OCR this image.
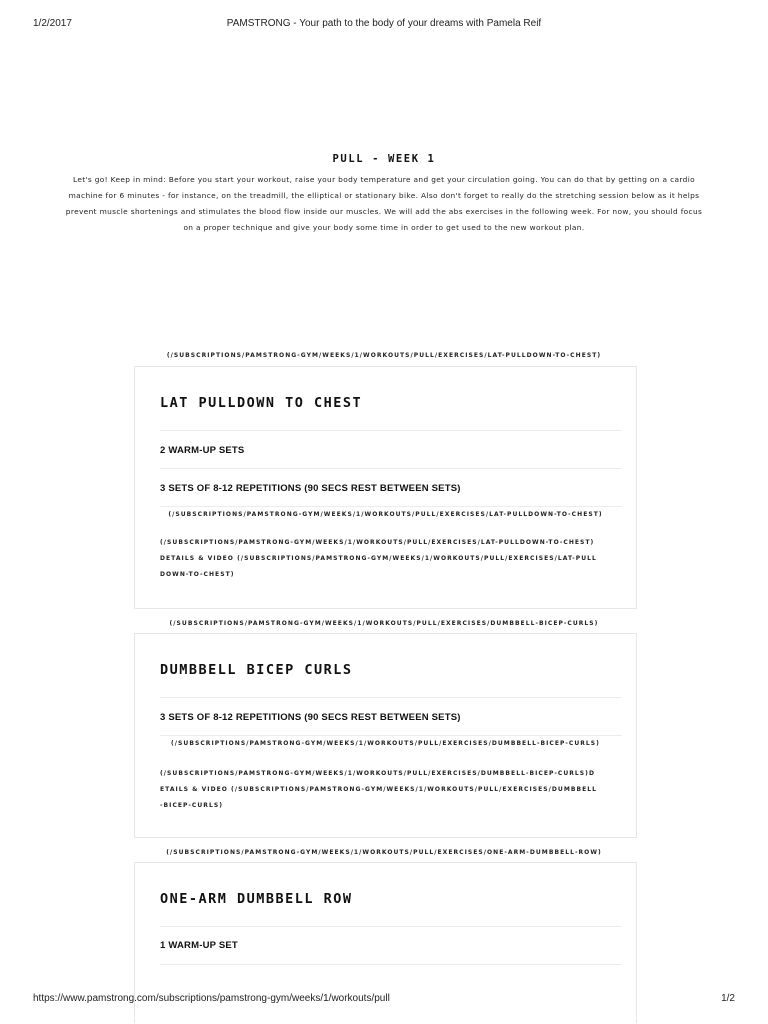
1/2/2017	PAMSTRONG - Your path to the body of your dreams with Pamela Reif
PULL - WEEK 1
Let's go! Keep in mind: Before you start your workout, raise your body temperature and get your circulation going. You can do that by getting on a cardio machine for 6 minutes - for instance, on the treadmill, the elliptical or stationary bike. Also don't forget to really do the stretching session below as it helps prevent muscle shortenings and stimulates the blood flow inside our muscles. We will add the abs exercises in the following week. For now, you should focus on a proper technique and give your body some time in order to get used to the new workout plan.
(/SUBSCRIPTIONS/PAMSTRONG-GYM/WEEKS/1/WORKOUTS/PULL/EXERCISES/LAT-PULLDOWN-TO-CHEST)
LAT PULLDOWN TO CHEST
2 WARM-UP SETS
3 SETS OF 8-12 REPETITIONS (90 SECS REST BETWEEN SETS)
(/SUBSCRIPTIONS/PAMSTRONG-GYM/WEEKS/1/WORKOUTS/PULL/EXERCISES/LAT-PULLDOWN-TO-CHEST)
(/SUBSCRIPTIONS/PAMSTRONG-GYM/WEEKS/1/WORKOUTS/PULL/EXERCISES/LAT-PULLDOWN-TO-CHEST)DETAILS & VIDEO (/SUBSCRIPTIONS/PAMSTRONG-GYM/WEEKS/1/WORKOUTS/PULL/EXERCISES/LAT-PULLDOWN-TO-CHEST)
(/SUBSCRIPTIONS/PAMSTRONG-GYM/WEEKS/1/WORKOUTS/PULL/EXERCISES/DUMBBELL-BICEP-CURLS)
DUMBBELL BICEP CURLS
3 SETS OF 8-12 REPETITIONS (90 SECS REST BETWEEN SETS)
(/SUBSCRIPTIONS/PAMSTRONG-GYM/WEEKS/1/WORKOUTS/PULL/EXERCISES/DUMBBELL-BICEP-CURLS)
(/SUBSCRIPTIONS/PAMSTRONG-GYM/WEEKS/1/WORKOUTS/PULL/EXERCISES/DUMBBELL-BICEP-CURLS)DETAILS & VIDEO (/SUBSCRIPTIONS/PAMSTRONG-GYM/WEEKS/1/WORKOUTS/PULL/EXERCISES/DUMBBELL-BICEP-CURLS)
(/SUBSCRIPTIONS/PAMSTRONG-GYM/WEEKS/1/WORKOUTS/PULL/EXERCISES/ONE-ARM-DUMBBELL-ROW)
ONE-ARM DUMBBELL ROW
1 WARM-UP SET
https://www.pamstrong.com/subscriptions/pamstrong-gym/weeks/1/workouts/pull	1/2
